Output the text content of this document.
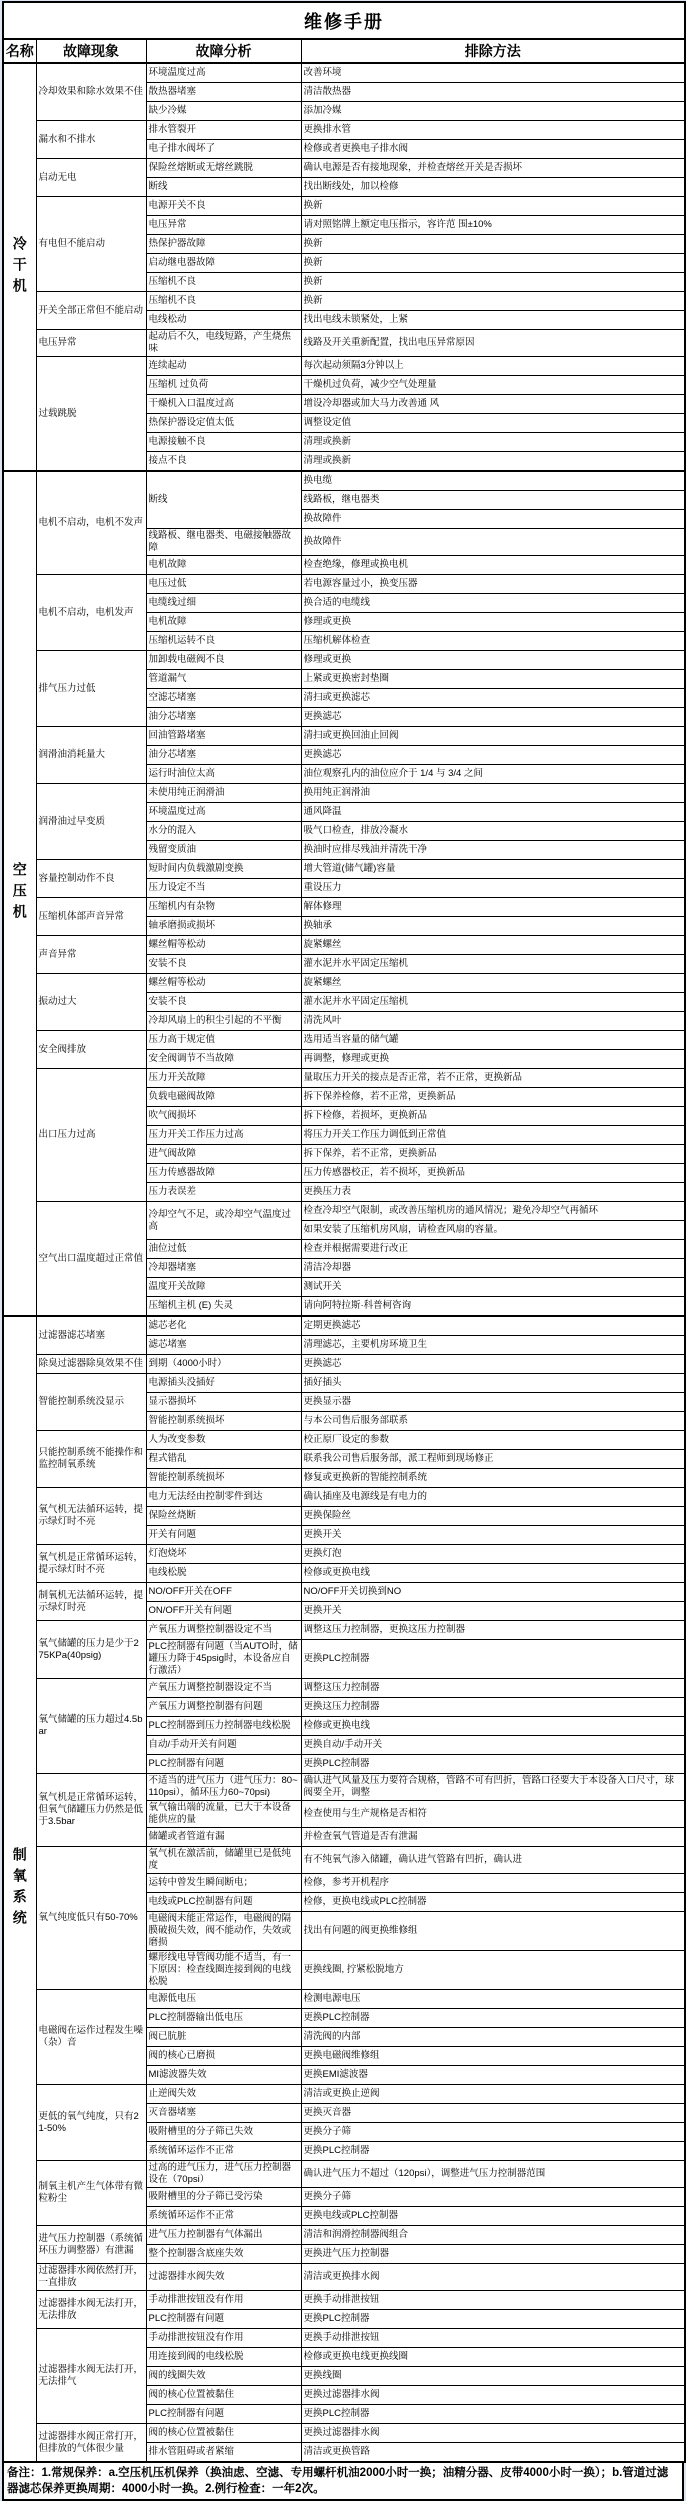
维修手册			
名称	故障现象	故障分析	排除方法
冷干机	冷却效果和除水效果不佳	环境温度过高	改善环境
		散热器堵塞	清洁散热器
		缺少冷媒	添加冷媒
	漏水和不排水	排水管裂开	更换排水管
		电子排水阀坏了	检修或者更换电子排水阀
	启动无电	保险丝熔断或无熔丝跳脱	确认电源是否有接地现象，并检查熔丝开关是否损坏
		断线	找出断线处，加以检修
	有电但不能启动	电源开关不良	换新
		电压异常	请对照铭牌上额定电压指示，容许范 围±10%
		热保护器故障	换新
		启动继电器故障	换新
		压缩机不良	换新
	开关全部正常但不能启动	压缩机不良	换新
		电线松动	找出电线未锁紧处，上紧
	电压异常	起动后不久，电线短路，产生烧焦味	线路及开关重新配置，找出电压异常原因
	过载跳脱	连续起动	每次起动须隔3分钟以上
		压缩机 过负荷	干燥机过负荷，减少空气处理量
		干燥机入口温度过高	增设冷却器或加大马力改善通 风
		热保护器设定值太低	调整设定值
		电源接触不良	清理或换新
		接点不良	清理或换新
空压机	电机不启动，电机不发声	断线	换电缆
			线路板，继电器类
			换故障件
		线路板、继电器类、电磁接触器故障	换故障件
		电机故障	检查绝缘，修理或换电机
	电机不启动，电机发声	电压过低	若电源容量过小，换变压器
		电缆线过细	换合适的电缆线
		电机故障	修理或更换
		压缩机运转不良	压缩机解体检查
	排气压力过低	加卸载电磁阀不良	修理或更换
		管道漏气	上紧或更换密封垫圈
		空滤芯堵塞	清扫或更换滤芯
		油分芯堵塞	更换滤芯
	润滑油消耗量大	回油管路堵塞	清扫或更换回油止回阀
		油分芯堵塞	更换滤芯
		运行时油位太高	油位观察孔内的油位应介于 1/4 与 3/4 之间
	润滑油过早变质	未使用纯正润滑油	换用纯正润滑油
		环境温度过高	通风降温
		水分的混入	吸气口检查，排放冷凝水
		残留变质油	换油时应排尽残油并清洗干净
	容量控制动作不良	短时间内负载激剧变换	增大管道(储气罐)容量
		压力设定不当	重设压力
	压缩机体部声音异常	压缩机内有杂物	解体修理
		轴承磨损或损坏	换轴承
	声音异常	螺丝帽等松动	旋紧螺丝
		安装不良	灌水泥并水平固定压缩机
	振动过大	螺丝帽等松动	旋紧螺丝
		安装不良	灌水泥并水平固定压缩机
		冷却风扇上的积尘引起的不平衡	清洗风叶
	安全阀排放	压力高于规定值	选用适当容量的储气罐
		安全阀调节不当故障	再调整，修理或更换
	出口压力过高	压力开关故障	量取压力开关的接点是否正常，若不正常，更换新品
		负载电磁阀故障	拆下保养检修，若不正常，更换新品
		吹气阀损坏	拆下检修，若损坏，更换新品
		压力开关工作压力过高	将压力开关工作压力调低到正常值
		进气阀故障	拆下保养，若不正常，更换新品
		压力传感器故障	压力传感器校正，若不损坏，更换新品
		压力表误差	更换压力表
	空气出口温度超过正常值	冷却空气不足，或冷却空气温度过高	检查冷却空气限制，或改善压缩机房的通风情况；避免冷却空气再循环
			如果安装了压缩机房风扇，请检查风扇的容量。
		油位过低	检查并根据需要进行改正
		冷却器堵塞	清洁冷却器
		温度开关故障	测试开关
		压缩机主机 (E) 失灵	请向阿特拉斯·科普柯咨询
制氧系统	过滤器滤芯堵塞	滤芯老化	定期更换滤芯
		滤芯堵塞	清理滤芯，主要机房环境卫生
	除臭过滤器除臭效果不佳	到期（4000小时）	更换滤芯
	智能控制系统没显示	电源插头没插好	插好插头
		显示器损坏	更换显示器
		智能控制系统损坏	与本公司售后服务部联系
	只能控制系统不能操作和监控制氧系统	人为改变参数	校正原厂设定的参数
		程式错乱	联系我公司售后服务部，派工程师到现场修正
		智能控制系统损坏	修复或更换新的智能控制系统
	氧气机无法循环运转，提示绿灯时不亮	电力无法经由控制零件到达	确认插座及电源线是有电力的
		保险丝烧断	更换保险丝
		开关有问题	更换开关
	氧气机是正常循环运转，提示绿灯时不亮	灯泡烧坏	更换灯泡
		电线松脱	检修或更换电线
	制氧机无法循环运转，提示绿灯时亮	NO/OFF开关在OFF	NO/OFF开关切换到NO
		ON/OFF开关有问题	更换开关
	氧气储罐的压力是少于275KPa(40psig)	产氧压力调整控制器设定不当	调整这压力控制器，更换这压力控制器
		PLC控制器有问题（当AUTO时，储罐压力降于45psig时，本设备应自行激活）	更换PLC控制器
	氧气储罐的压力超过4.5bar	产氧压力调整控制器设定不当	调整这压力控制器
		产氧压力调整控制器有问题	更换这压力控制器
		PLC控制器到压力控制器电线松脱	检修或更换电线
		自动/手动开关有问题	更换自动/手动开关
		PLC控制器有问题	更换PLC控制器
	氧气机是正常循环运转，但氧气储罐压力仍然是低于3.5bar	不适当的进气压力（进气压力：80~110psi），循环压力60~70psi)	确认进气风量及压力要符合规格，管路不可有凹折，管路口径要大于本设备入口尺寸，球阀要全开，调整
		氧气输出端的流量，已大于本设备能供应的量	检查使用与生产规格是否相符
		储罐或者管道有漏	并检查氧气管道是否有泄漏
	氧气纯度低只有50-70%	氧气机在激活前，储罐里已是低纯度	有不纯氧气渗入储罐，确认进气管路有凹折，确认进
		运转中曾发生瞬间断电；	检修，参考开机程序
		电线或PLC控制器有问题	检修，更换电线或PLC控制器
		电磁阀未能正常运作，电磁阀的隔膜破损失效，阀不能动作，失效或磨损	找出有问题的阀更换维修组
		螺形线电导管阀功能不适当，有一下原因：检查线圈连接到阀的电线松脱	更换线圈, 拧紧松脱地方
	电磁阀在运作过程发生噪（杂）音	电源低电压	检测电源电压
		PLC控制器输出低电压	更换PLC控制器
		阀已肮脏	清洗阀的内部
		阀的核心已磨损	更换电磁阀维修组
		MI滤波器失效	更换EMI滤波器
	更低的氧气纯度，只有21-50%	止逆阀失效	清洁或更换止逆阀
		灭音器堵塞	更换灭音器
		吸附槽里的分子筛已失效	更换分子筛
		系统循环运作不正常	更换PLC控制器
	制氧主机产生气体带有微粒粉尘	过高的进气压力，进气压力控制器设在（70psi）	确认进气压力不超过（120psi），调整进气压力控制器范围
		吸附槽里的分子筛已受污染	更换分子筛
		系统循环运作不正常	更换电线或PLC控制器
	进气压力控制器（系统循环压力调整器）有泄漏	进气压力控制器有气体漏出	清洁和润滑控制器阀组合
		整个控制器含底座失效	更换进气压力控制器
	过滤器排水阀依然打开，一直排放	过滤器排水阀失效	清洁或更换排水阀
	过滤器排水阀无法打开，无法排放	手动排泄按钮没有作用	更换手动排泄按钮
		PLC控制器有问题	更换PLC控制器
	过滤器排水阀无法打开，无法排气	手动排泄按钮没有作用	更换手动排泄按钮
		用连接到阀的电线松脱	检修或更换电线更换线圈
		阀的线圈失效	更换线圈
		阀的核心位置被黏住	更换过滤器排水阀
		PLC控制器有问题	更换PLC控制器
	过滤器排水阀正常打开，但排放的气体很少量	阀的核心位置被黏住	更换过滤器排水阀
		排水管阻碍或者紧缩	清洁或更换管路
备注：1.常规保养：a.空压机压机保养（换油虑、空滤、专用螺杆机油2000小时一换；油精分器、皮带4000小时一换）；b.管道过滤器滤芯保养更换周期：4000小时一换。2.例行检查：一年2次。
